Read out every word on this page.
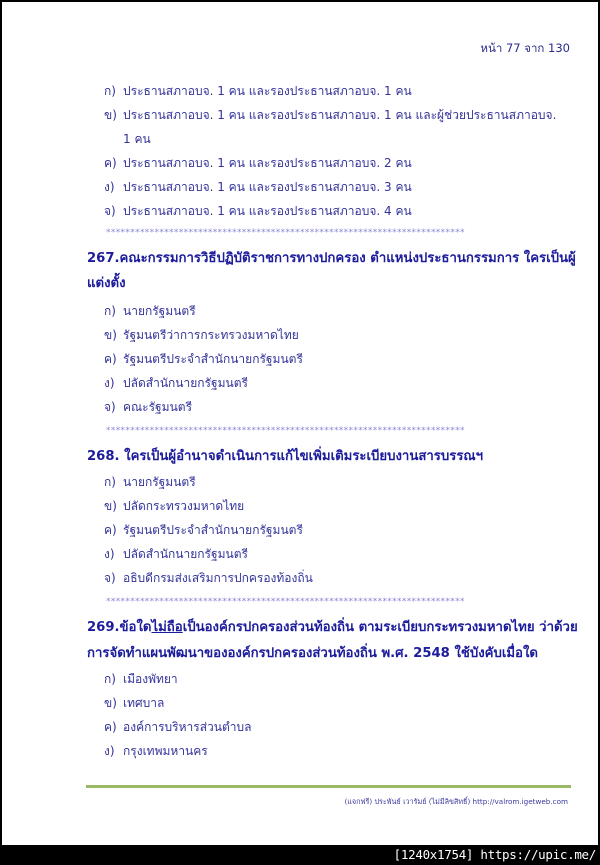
หน้า 77 จาก 130
ก) ประธานสภาอบจ. 1 คน และรองประธานสภาอบจ. 1 คน
ข) ประธานสภาอบจ. 1 คน และรองประธานสภาอบจ. 1 คน และผู้ช่วยประธานสภาอบจ.
1 คน
ค) ประธานสภาอบจ. 1 คน และรองประธานสภาอบจ. 2 คน
ง) ประธานสภาอบจ. 1 คน และรองประธานสภาอบจ. 3 คน
จ) ประธานสภาอบจ. 1 คน และรองประธานสภาอบจ. 4 คน
**************************************************************************
267.คณะกรรมการวิธีปฏิบัติราชการทางปกครอง ตำแหน่งประธานกรรมการ ใครเป็นผู้
แต่งตั้ง
ก) นายกรัฐมนตรี
ข) รัฐมนตรีว่าการกระทรวงมหาดไทย
ค) รัฐมนตรีประจำสำนักนายกรัฐมนตรี
ง) ปลัดสำนักนายกรัฐมนตรี
จ) คณะรัฐมนตรี
**************************************************************************
268. ใครเป็นผู้อำนาจดำเนินการแก้ไขเพิ่มเติมระเบียบงานสารบรรณฯ
ก) นายกรัฐมนตรี
ข) ปลัดกระทรวงมหาดไทย
ค) รัฐมนตรีประจำสำนักนายกรัฐมนตรี
ง) ปลัดสำนักนายกรัฐมนตรี
จ) อธิบดีกรมส่งเสริมการปกครองท้องถิ่น
**************************************************************************
269.ข้อใดไม่ถือเป็นองค์กรปกครองส่วนท้องถิ่น ตามระเบียบกระทรวงมหาดไทย ว่าด้วย
การจัดทำแผนพัฒนาขององค์กรปกครองส่วนท้องถิ่น พ.ศ. 2548 ใช้บังคับเมื่อใด
ก) เมืองพัทยา
ข) เทศบาล
ค) องค์การบริหารส่วนตำบล
ง) กรุงเทพมหานคร
(แจกฟรี) ประพันธ์ เวารัมย์ (ไม่มีลิขสิทธิ์) http://valrom.igetweb.com
[1240x1754] https://upic.me/
